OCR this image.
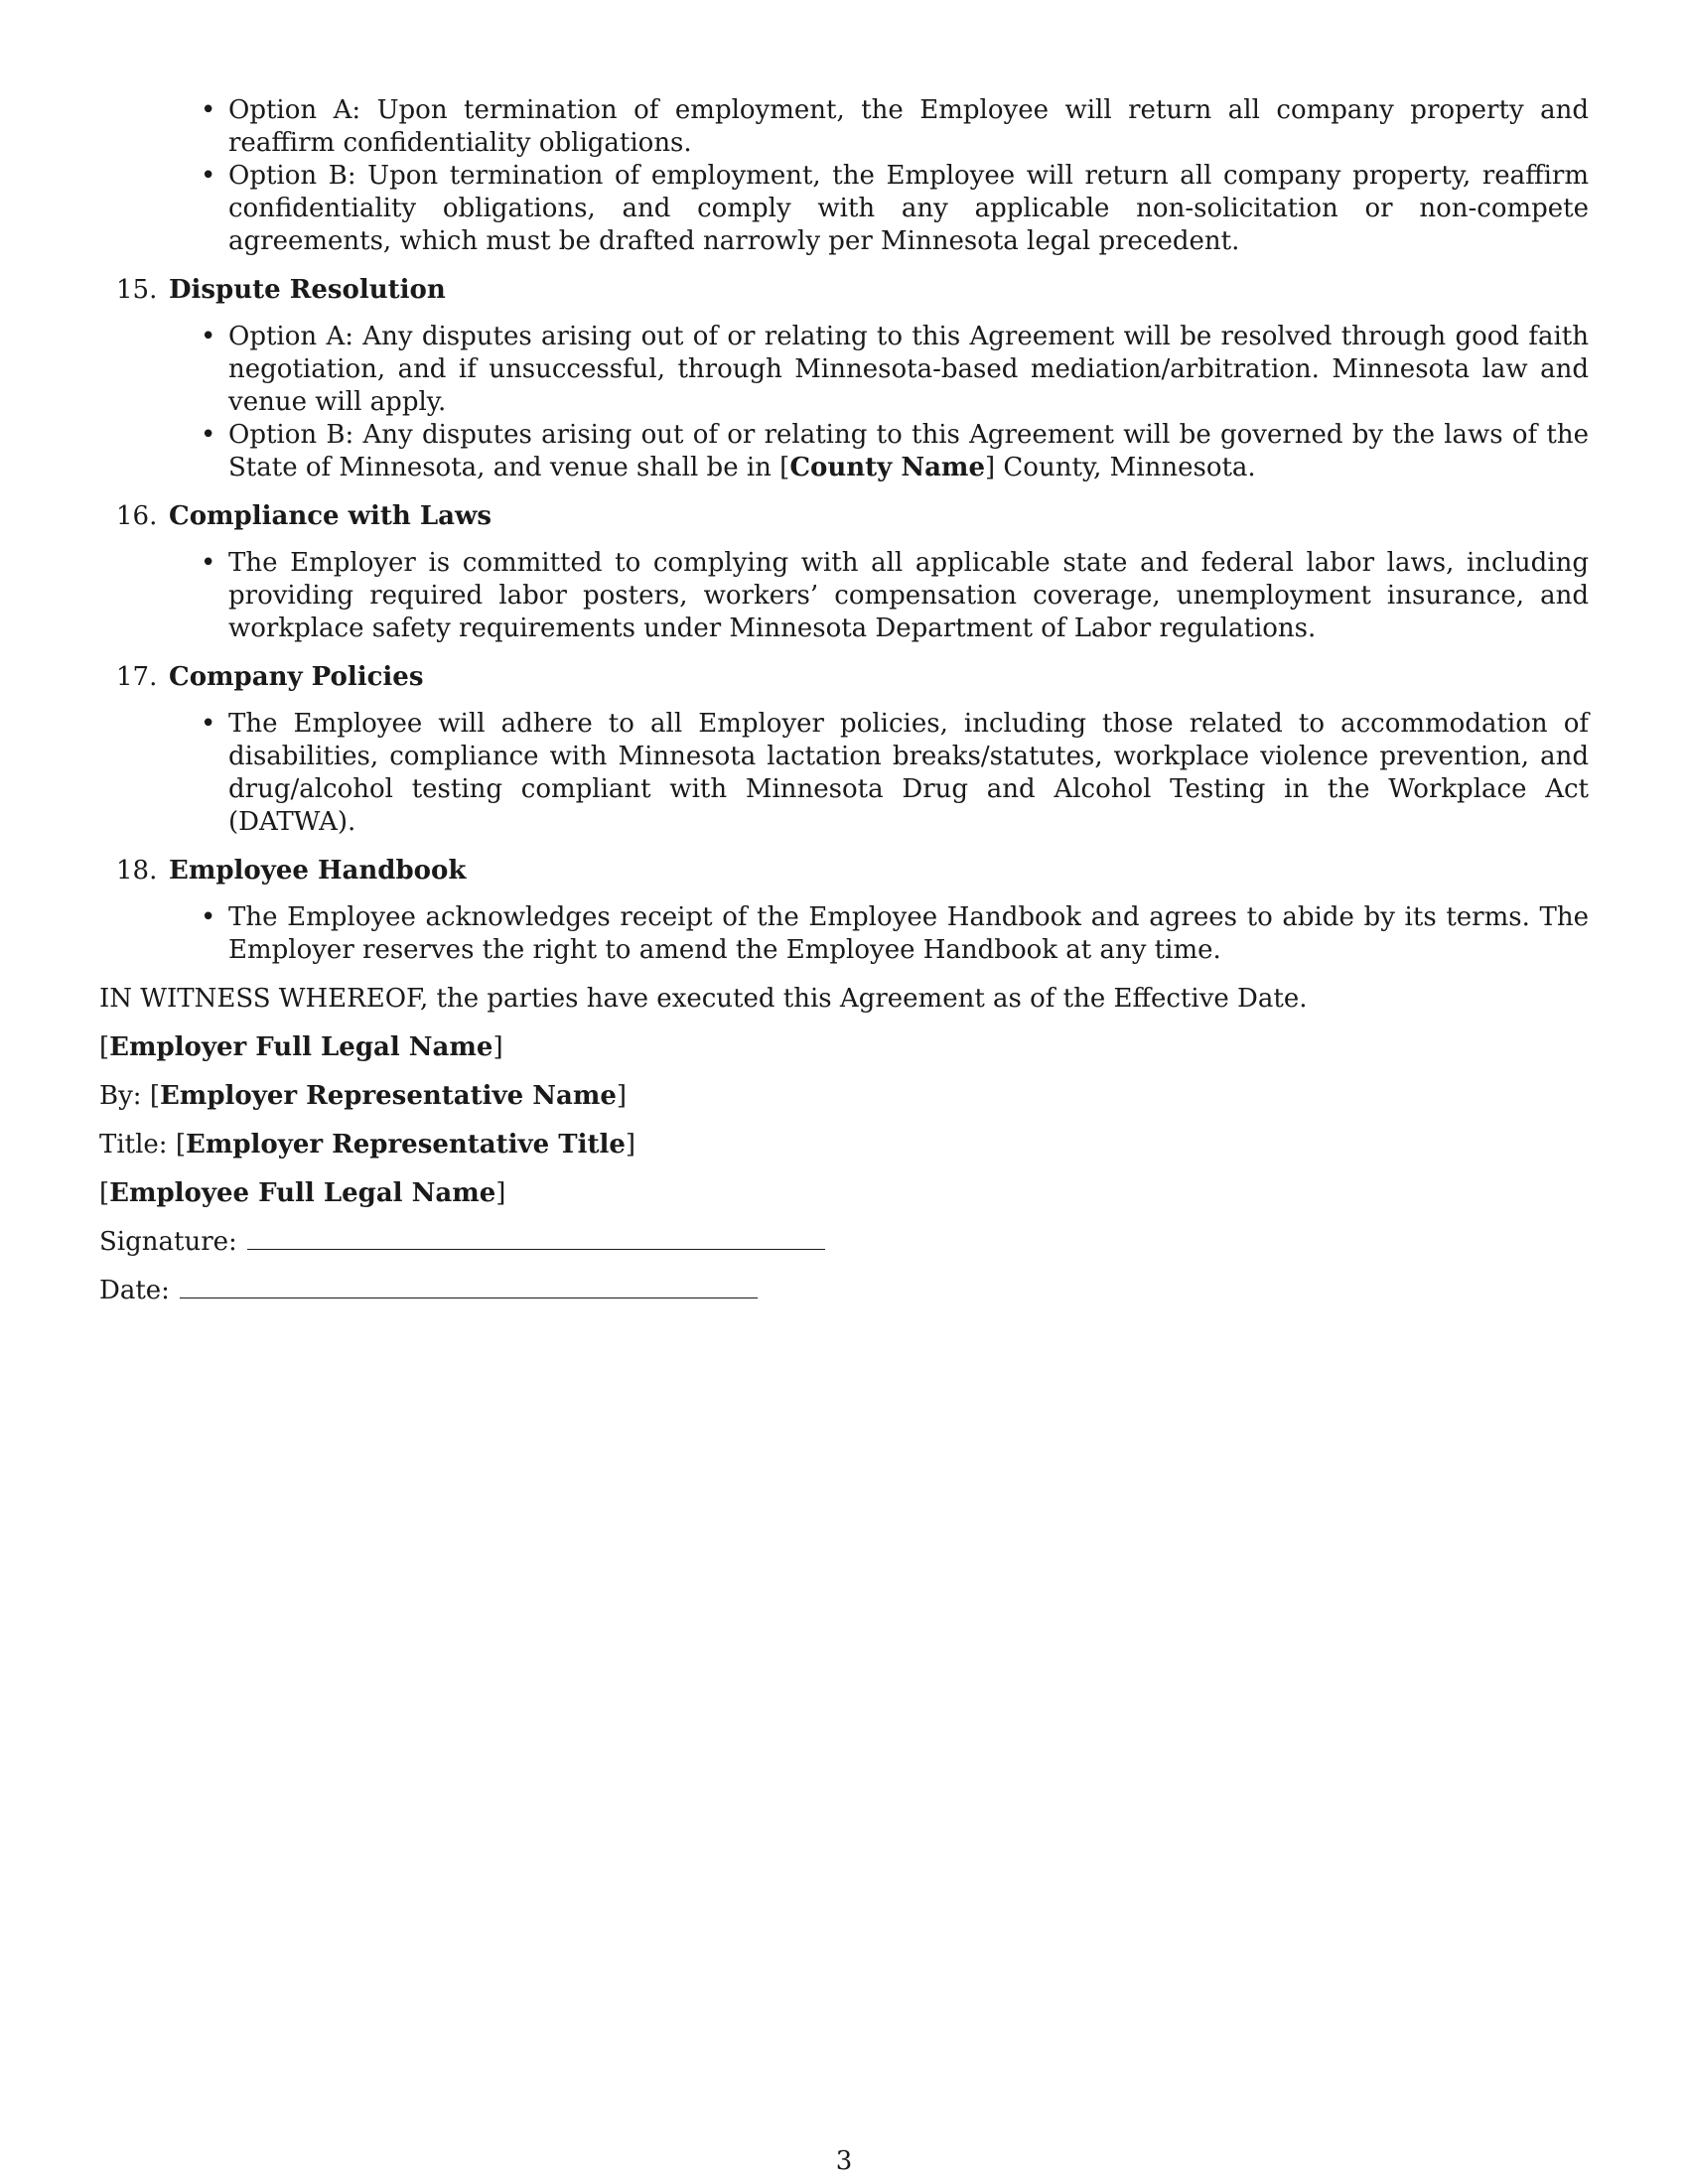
• Option A: Upon termination of employment, the Employee will return all company property and reaffirm confidentiality obligations.
• Option B: Upon termination of employment, the Employee will return all company property, reaffirm confidentiality obligations, and comply with any applicable non-solicitation or non-compete agreements, which must be drafted narrowly per Minnesota legal precedent.
15. Dispute Resolution
• Option A: Any disputes arising out of or relating to this Agreement will be resolved through good faith negotiation, and if unsuccessful, through Minnesota-based mediation/arbitration. Minnesota law and venue will apply.
• Option B: Any disputes arising out of or relating to this Agreement will be governed by the laws of the State of Minnesota, and venue shall be in [County Name] County, Minnesota.
16. Compliance with Laws
• The Employer is committed to complying with all applicable state and federal labor laws, including providing required labor posters, workers’ compensation coverage, unemployment insurance, and workplace safety requirements under Minnesota Department of Labor regulations.
17. Company Policies
• The Employee will adhere to all Employer policies, including those related to accommodation of disabilities, compliance with Minnesota lactation breaks/statutes, workplace violence prevention, and drug/alcohol testing compliant with Minnesota Drug and Alcohol Testing in the Workplace Act (DATWA).
18. Employee Handbook
• The Employee acknowledges receipt of the Employee Handbook and agrees to abide by its terms. The Employer reserves the right to amend the Employee Handbook at any time.
IN WITNESS WHEREOF, the parties have executed this Agreement as of the Effective Date.
[Employer Full Legal Name]
By: [Employer Representative Name]
Title: [Employer Representative Title]
[Employee Full Legal Name]
Signature:
Date:
3
